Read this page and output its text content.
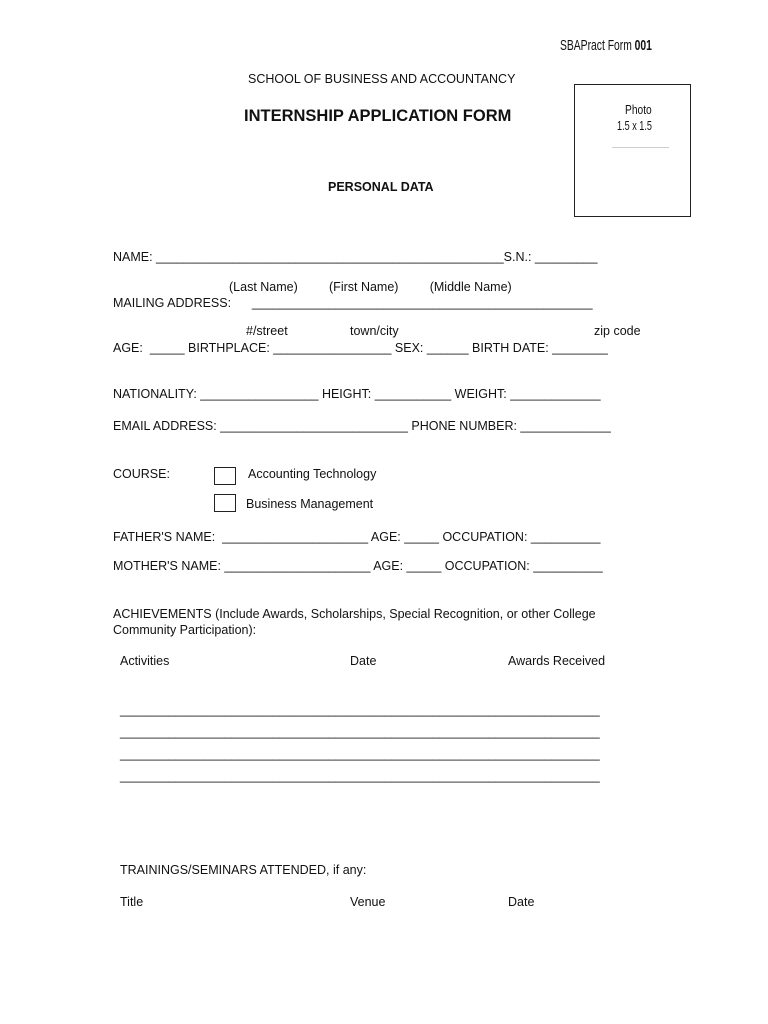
SBAPract Form 001
SCHOOL OF BUSINESS AND ACCOUNTANCY
INTERNSHIP APPLICATION FORM	Photo
1.5 x 1.5
PERSONAL DATA
NAME: __________________________________________________S.N.: _________
(Last Name)         (First Name)         (Middle Name)
MAILING ADDRESS:      _________________________________________________
#/street	town/city	zip code
AGE:  _____ BIRTHPLACE: _________________ SEX: ______ BIRTH DATE: ________
NATIONALITY: _________________ HEIGHT: ___________ WEIGHT: _____________
EMAIL ADDRESS: ___________________________ PHONE NUMBER: _____________
COURSE:	Accounting Technology
Business Management
FATHER'S NAME:  _____________________ AGE: _____ OCCUPATION: __________
MOTHER'S NAME: _____________________ AGE: _____ OCCUPATION: __________
ACHIEVEMENTS (Include Awards, Scholarships, Special Recognition, or other College
Community Participation):
Activities	Date	Awards Received
_____________________________________________________________________
_____________________________________________________________________
_____________________________________________________________________
_____________________________________________________________________
TRAININGS/SEMINARS ATTENDED, if any:
Title	Venue	Date
